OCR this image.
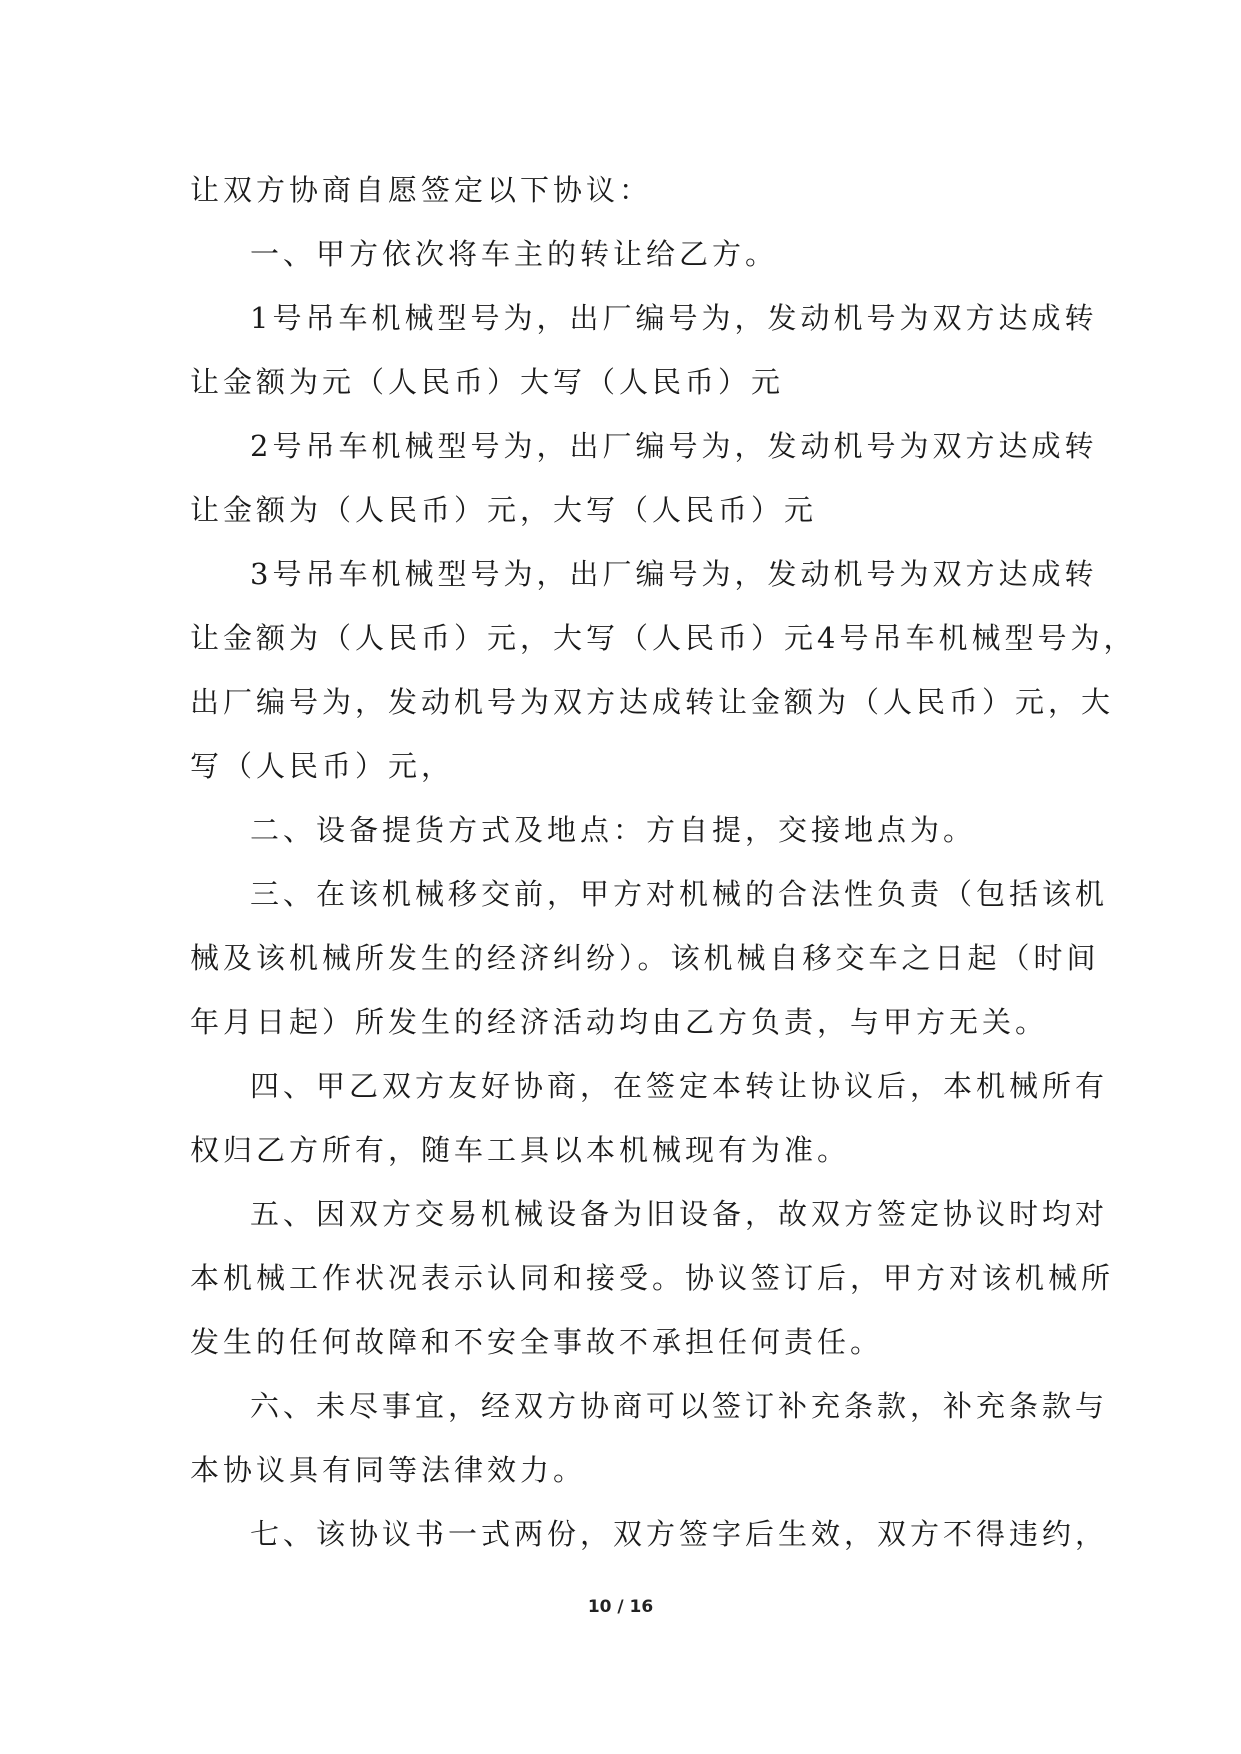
让双方协商自愿签定以下协议：
一、甲方依次将车主的转让给乙方。
1号吊车机械型号为，出厂编号为，发动机号为双方达成转
让金额为元（人民币）大写（人民币）元
2号吊车机械型号为，出厂编号为，发动机号为双方达成转
让金额为（人民币）元，大写（人民币）元
3号吊车机械型号为，出厂编号为，发动机号为双方达成转
让金额为（人民币）元，大写（人民币）元4号吊车机械型号为，
出厂编号为，发动机号为双方达成转让金额为（人民币）元，大
写（人民币）元，
二、设备提货方式及地点：方自提，交接地点为。
三、在该机械移交前，甲方对机械的合法性负责（包括该机
械及该机械所发生的经济纠纷）。该机械自移交车之日起（时间
年月日起）所发生的经济活动均由乙方负责，与甲方无关。
四、甲乙双方友好协商，在签定本转让协议后，本机械所有
权归乙方所有，随车工具以本机械现有为准。
五、因双方交易机械设备为旧设备，故双方签定协议时均对
本机械工作状况表示认同和接受。协议签订后，甲方对该机械所
发生的任何故障和不安全事故不承担任何责任。
六、未尽事宜，经双方协商可以签订补充条款，补充条款与
本协议具有同等法律效力。
七、该协议书一式两份，双方签字后生效，双方不得违约，
10 / 16
